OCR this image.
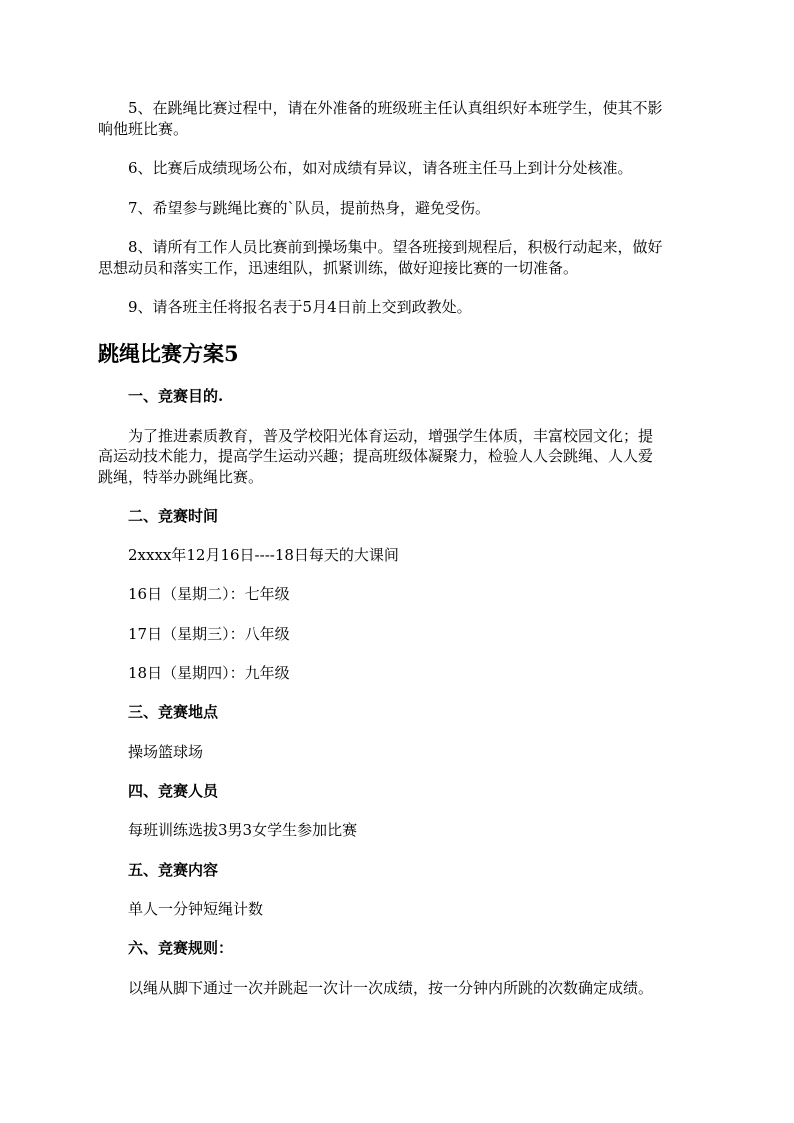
5、在跳绳比赛过程中，请在外准备的班级班主任认真组织好本班学生，使其不影
响他班比赛。
6、比赛后成绩现场公布，如对成绩有异议，请各班主任马上到计分处核准。
7、希望参与跳绳比赛的`队员，提前热身，避免受伤。
8、请所有工作人员比赛前到操场集中。望各班接到规程后，积极行动起来，做好
思想动员和落实工作，迅速组队，抓紧训练，做好迎接比赛的一切准备。
9、请各班主任将报名表于5月4日前上交到政教处。
跳绳比赛方案5
一、竞赛目的.
为了推进素质教育，普及学校阳光体育运动，增强学生体质，丰富校园文化；提
高运动技术能力，提高学生运动兴趣；提高班级体凝聚力，检验人人会跳绳、人人爱
跳绳，特举办跳绳比赛。
二、竞赛时间
2xxxx年12月16日----18日每天的大课间
16日（星期二）：七年级
17日（星期三）：八年级
18日（星期四）：九年级
三、竞赛地点
操场篮球场
四、竞赛人员
每班训练选拔3男3女学生参加比赛
五、竞赛内容
单人一分钟短绳计数
六、竞赛规则：
以绳从脚下通过一次并跳起一次计一次成绩，按一分钟内所跳的次数确定成绩。
